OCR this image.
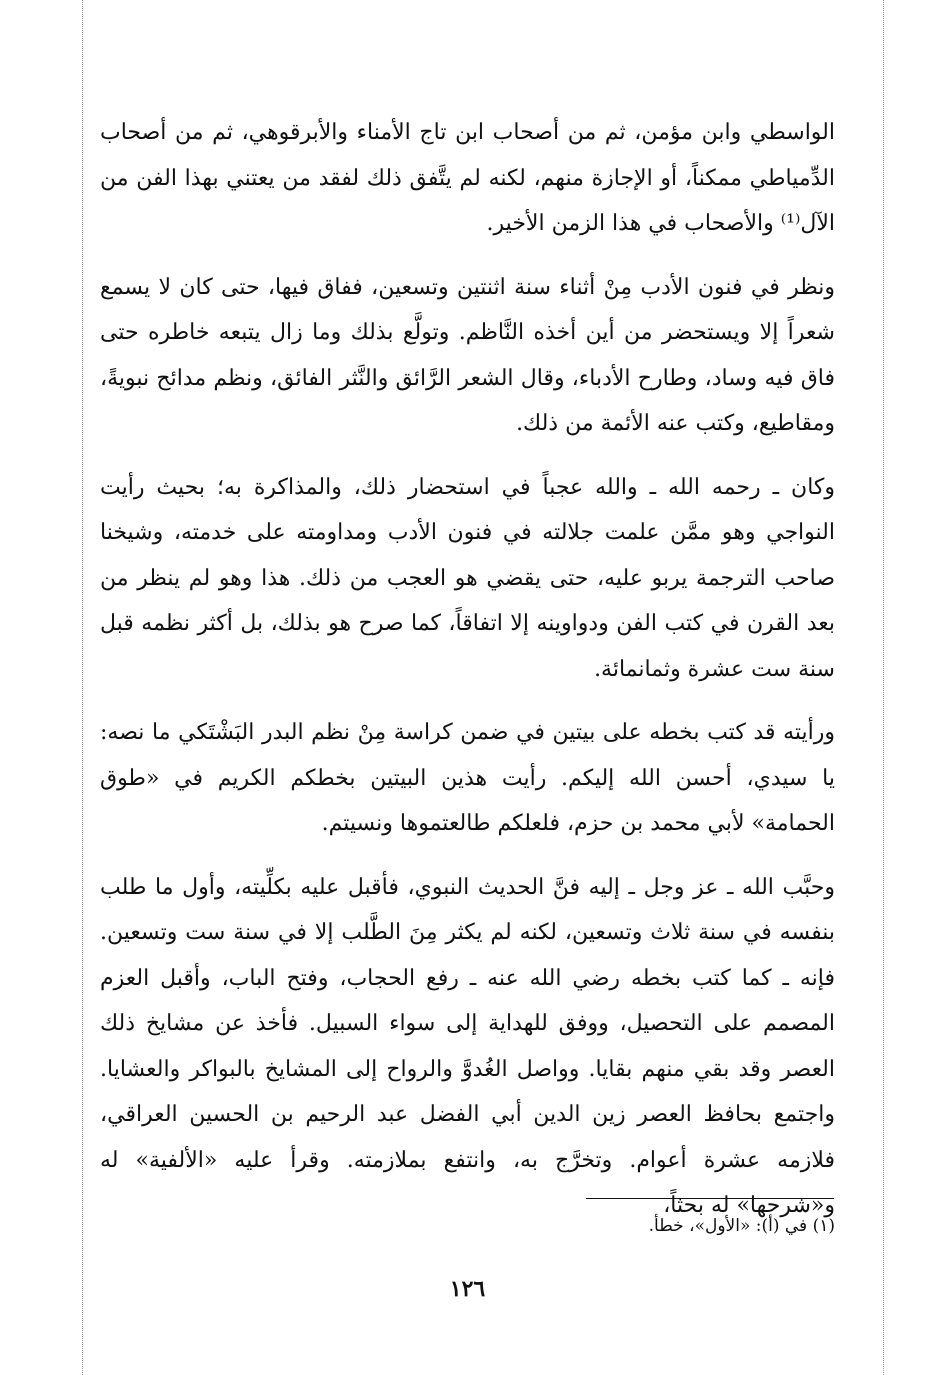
الواسطي وابن مؤمن، ثم من أصحاب ابن تاج الأمناء والأبرقوهي، ثم من أصحاب الدِّمياطي ممكناً، أو الإجازة منهم، لكنه لم يتَّفق ذلك لفقد من يعتني بهذا الفن من الآل⁽¹⁾ والأصحاب في هذا الزمن الأخير.

ونظر في فنون الأدب مِنْ أثناء سنة اثنتين وتسعين، ففاق فيها، حتى كان لا يسمع شعراً إلا ويستحضر من أين أخذه النَّاظم. وتولَّع بذلك وما زال يتبعه خاطره حتى فاق فيه وساد، وطارح الأدباء، وقال الشعر الرَّائق والنَّثر الفائق، ونظم مدائح نبويةً، ومقاطيع، وكتب عنه الأئمة من ذلك.

وكان ـ رحمه الله ـ والله عجباً في استحضار ذلك، والمذاكرة به؛ بحيث رأيت النواجي وهو ممَّن علمت جلالته في فنون الأدب ومداومته على خدمته، وشيخنا صاحب الترجمة يربو عليه، حتى يقضي هو العجب من ذلك. هذا وهو لم ينظر من بعد القرن في كتب الفن ودواوينه إلا اتفاقاً، كما صرح هو بذلك، بل أكثر نظمه قبل سنة ست عشرة وثمانمائة.

ورأيته قد كتب بخطه على بيتين في ضمن كراسة مِنْ نظم البدر البَشْتَكي ما نصه: يا سيدي، أحسن الله إليكم. رأيت هذين البيتين بخطكم الكريم في «طوق الحمامة» لأبي محمد بن حزم، فلعلكم طالعتموها ونسيتم.

وحبَّب الله ـ عز وجل ـ إليه فنَّ الحديث النبوي، فأقبل عليه بكلِّيته، وأول ما طلب بنفسه في سنة ثلاث وتسعين، لكنه لم يكثر مِنَ الطَّلب إلا في سنة ست وتسعين. فإنه ـ كما كتب بخطه رضي الله عنه ـ رفع الحجاب، وفتح الباب، وأقبل العزم المصمم على التحصيل، ووفق للهداية إلى سواء السبيل. فأخذ عن مشايخ ذلك العصر وقد بقي منهم بقايا. وواصل الغُدوَّ والرواح إلى المشايخ بالبواكر والعشايا. واجتمع بحافظ العصر زين الدين أبي الفضل عبد الرحيم بن الحسين العراقي، فلازمه عشرة أعوام. وتخرَّج به، وانتفع بملازمته. وقرأ عليه «الألفية» له و«شرحها» له بحثاً،

(١) في (أ): «الأول»، خطأ.
١٢٦
